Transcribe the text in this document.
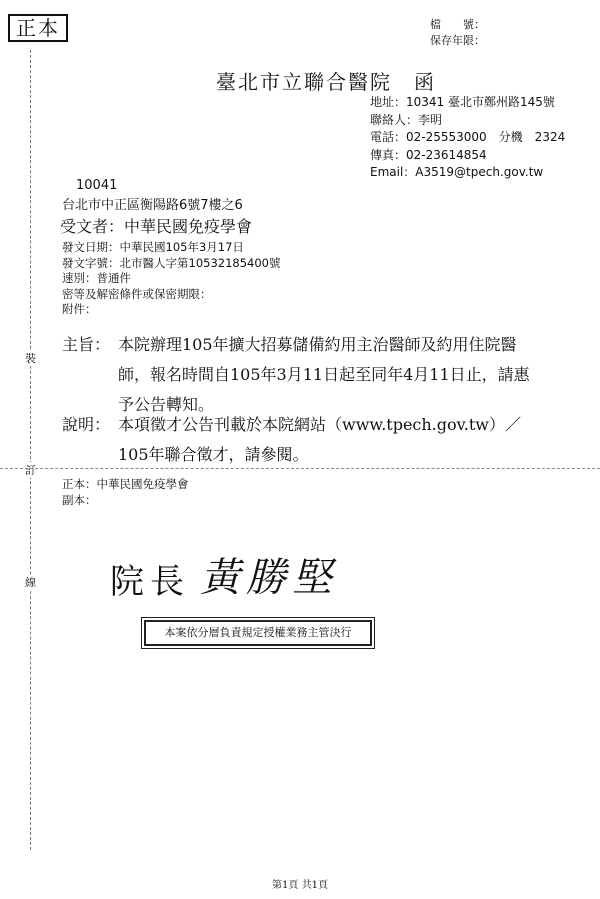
裝
訂
線
正本	檔　　號：
保存年限：
臺北市立聯合醫院　函
地址：10341 臺北市鄭州路145號
聯絡人：李明
電話：02-25553000　分機　2324
傳真：02-23614854
Email：A3519@tpech.gov.tw
10041
台北市中正區衡陽路6號7樓之6
受文者：中華民國免疫學會
發文日期：中華民國105年3月17日
發文字號：北市醫人字第10532185400號
速別：普通件
密等及解密條件或保密期限：
附件：
主旨： 本院辦理105年擴大招募儲備約用主治醫師及約用住院醫
師，報名時間自105年3月11日起至同年4月11日止，請惠
予公告轉知。
說明： 本項徵才公告刊載於本院網站（www.tpech.gov.tw）／
105年聯合徵才，請參閱。
正本：中華民國免疫學會
副本：
院長 黃勝堅
本案依分層負責規定授權業務主管決行
第1頁 共1頁
